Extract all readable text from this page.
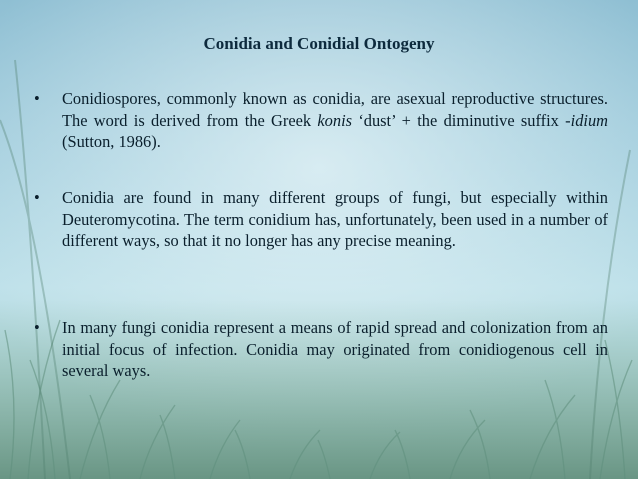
Conidia and Conidial Ontogeny
• Conidiospores, commonly known as conidia, are asexual reproductive structures. The word is derived from the Greek konis ‘dust’ + the diminutive suffix -idium (Sutton, 1986).
• Conidia are found in many different groups of fungi, but especially within Deuteromycotina. The term conidium has, unfortunately, been used in a number of different ways, so that it no longer has any precise meaning.
• In many fungi conidia represent a means of rapid spread and colonization from an initial focus of infection. Conidia may originated from conidiogenous cell in several ways.
